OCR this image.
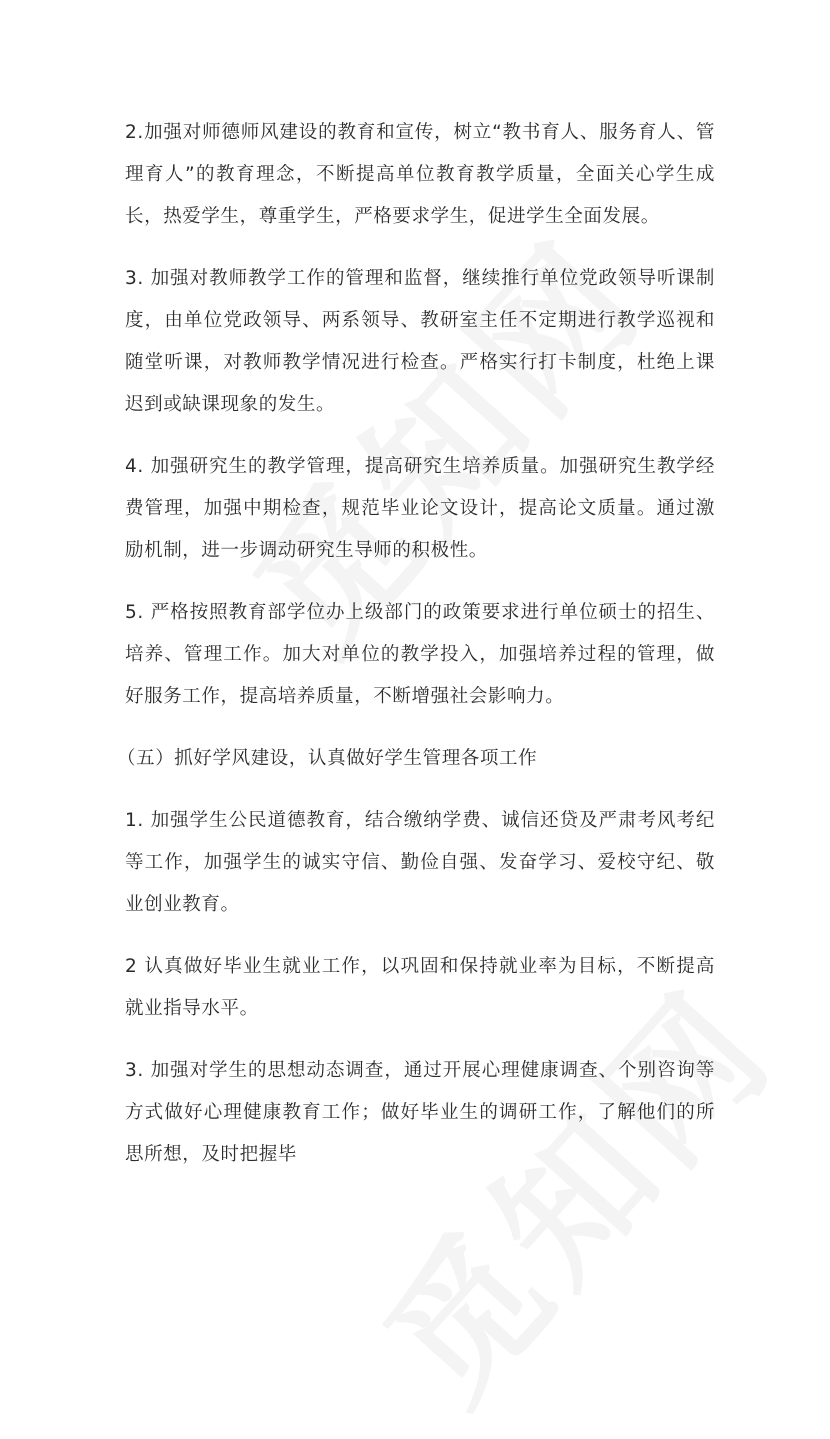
2.加强对师德师风建设的教育和宣传，树立“教书育人、服务育人、管理育人”的教育理念，不断提高单位教育教学质量，全面关心学生成长，热爱学生，尊重学生，严格要求学生，促进学生全面发展。

3. 加强对教师教学工作的管理和监督，继续推行单位党政领导听课制度，由单位党政领导、两系领导、教研室主任不定期进行教学巡视和随堂听课，对教师教学情况进行检查。严格实行打卡制度，杜绝上课迟到或缺课现象的发生。

4. 加强研究生的教学管理，提高研究生培养质量。加强研究生教学经费管理，加强中期检查，规范毕业论文设计，提高论文质量。通过激励机制，进一步调动研究生导师的积极性。

5. 严格按照教育部学位办上级部门的政策要求进行单位硕士的招生、培养、管理工作。加大对单位的教学投入，加强培养过程的管理，做好服务工作，提高培养质量，不断增强社会影响力。

（五）抓好学风建设，认真做好学生管理各项工作

1. 加强学生公民道德教育，结合缴纳学费、诚信还贷及严肃考风考纪等工作，加强学生的诚实守信、勤俭自强、发奋学习、爱校守纪、敬业创业教育。

2 认真做好毕业生就业工作，以巩固和保持就业率为目标，不断提高就业指导水平。

3. 加强对学生的思想动态调查，通过开展心理健康调查、个别咨询等方式做好心理健康教育工作；做好毕业生的调研工作，了解他们的所思所想，及时把握毕
